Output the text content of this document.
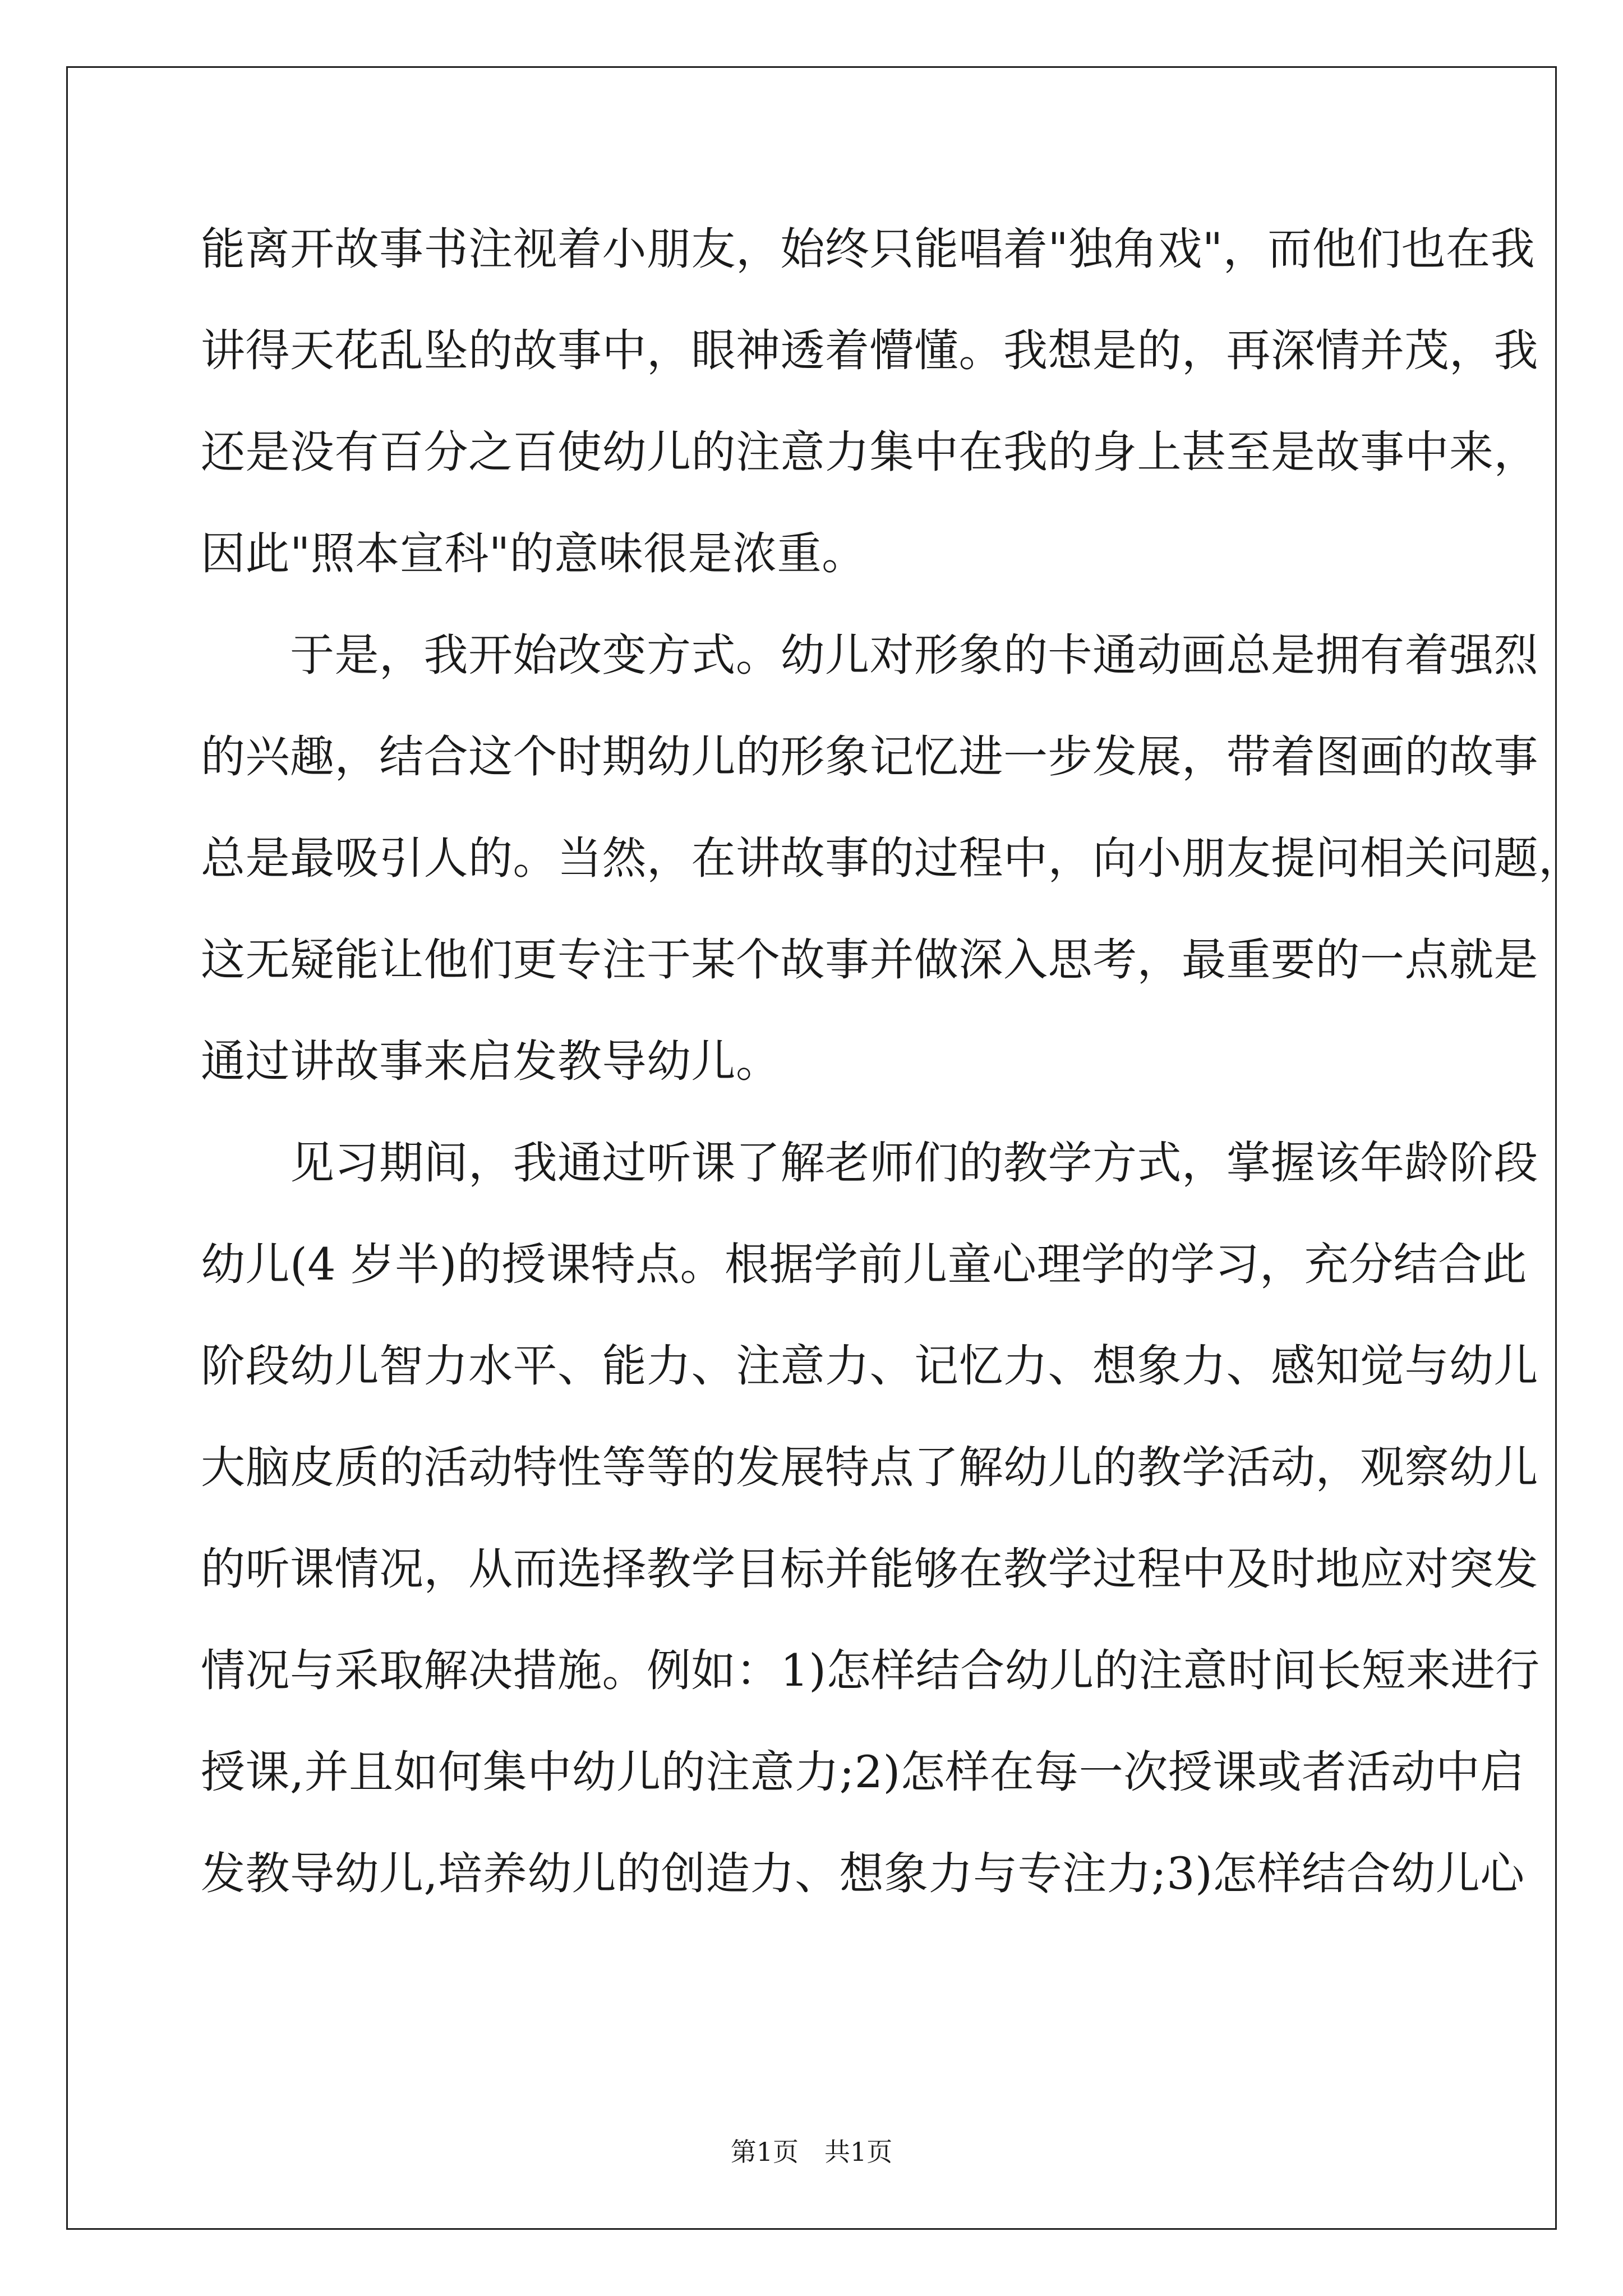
能离开故事书注视着小朋友，始终只能唱着"独角戏"，而他们也在我
讲得天花乱坠的故事中，眼神透着懵懂。我想是的，再深情并茂，我
还是没有百分之百使幼儿的注意力集中在我的身上甚至是故事中来，
因此"照本宣科"的意味很是浓重。
　　于是，我开始改变方式。幼儿对形象的卡通动画总是拥有着强烈
的兴趣，结合这个时期幼儿的形象记忆进一步发展，带着图画的故事
总是最吸引人的。当然，在讲故事的过程中，向小朋友提问相关问题，
这无疑能让他们更专注于某个故事并做深入思考，最重要的一点就是
通过讲故事来启发教导幼儿。
　　见习期间，我通过听课了解老师们的教学方式，掌握该年龄阶段
幼儿(4 岁半)的授课特点。根据学前儿童心理学的学习，充分结合此
阶段幼儿智力水平、能力、注意力、记忆力、想象力、感知觉与幼儿
大脑皮质的活动特性等等的发展特点了解幼儿的教学活动，观察幼儿
的听课情况，从而选择教学目标并能够在教学过程中及时地应对突发
情况与采取解决措施。例如：1)怎样结合幼儿的注意时间长短来进行
授课,并且如何集中幼儿的注意力;2)怎样在每一次授课或者活动中启
发教导幼儿,培养幼儿的创造力、想象力与专注力;3)怎样结合幼儿心
第1页　共1页
